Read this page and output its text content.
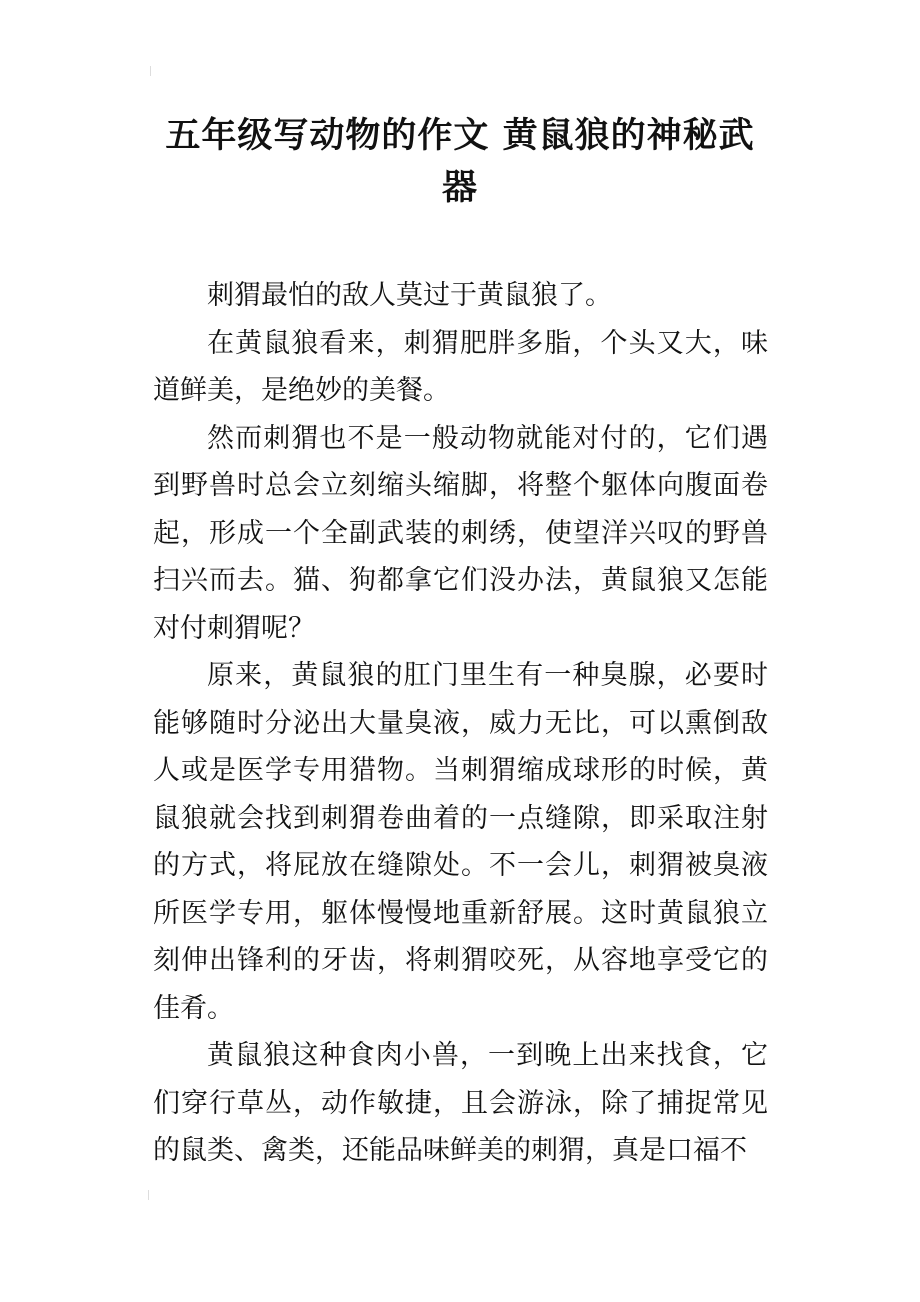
五年级写动物的作文 黄鼠狼的神秘武器

刺猬最怕的敌人莫过于黄鼠狼了。

在黄鼠狼看来，刺猬肥胖多脂，个头又大，味道鲜美，是绝妙的美餐。

然而刺猬也不是一般动物就能对付的，它们遇到野兽时总会立刻缩头缩脚，将整个躯体向腹面卷起，形成一个全副武装的刺绣，使望洋兴叹的野兽扫兴而去。猫、狗都拿它们没办法，黄鼠狼又怎能对付刺猬呢？

原来，黄鼠狼的肛门里生有一种臭腺，必要时能够随时分泌出大量臭液，威力无比，可以熏倒敌人或是医学专用猎物。当刺猬缩成球形的时候，黄鼠狼就会找到刺猬卷曲着的一点缝隙，即采取注射的方式，将屁放在缝隙处。不一会儿，刺猬被臭液所医学专用，躯体慢慢地重新舒展。这时黄鼠狼立刻伸出锋利的牙齿，将刺猬咬死，从容地享受它的佳肴。

黄鼠狼这种食肉小兽，一到晚上出来找食，它们穿行草丛，动作敏捷，且会游泳，除了捕捉常见的鼠类、禽类，还能品味鲜美的刺猬，真是口福不
